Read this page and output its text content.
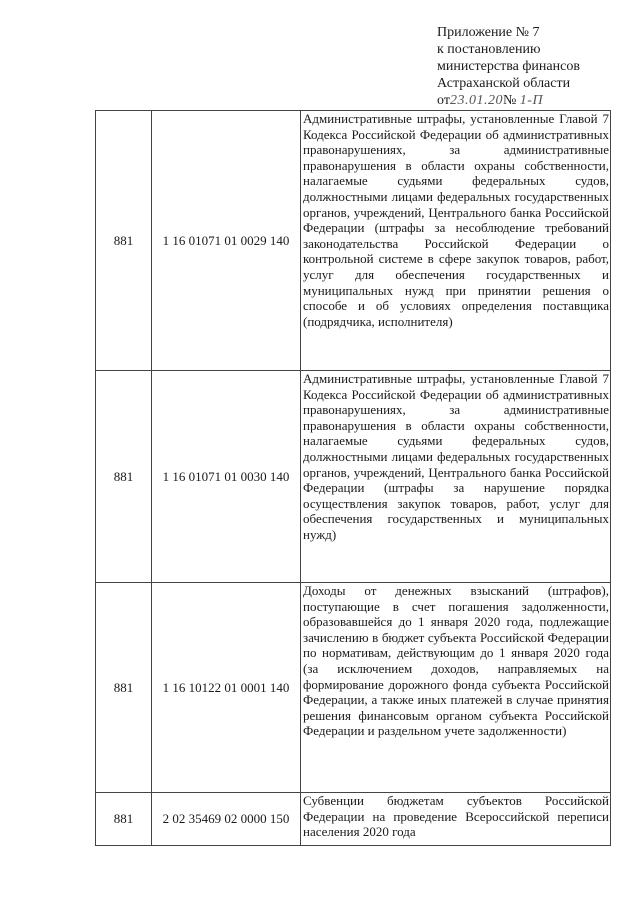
Приложение № 7
к постановлению
министерства финансов
Астраханской области
от23.01.20№ 1-П
881	1 16 01071 01 0029 140	Административные штрафы, установленные Главой 7 Кодекса Российской Федерации об административных правонарушениях, за административные правонарушения в области охраны собственности, налагаемые судьями федеральных судов, должностными лицами федеральных государственных органов, учреждений, Центрального банка Российской Федерации (штрафы за несоблюдение требований законодательства Российской Федерации о контрольной системе в сфере закупок товаров, работ, услуг для обеспечения государственных и муниципальных нужд при принятии решения о способе и об условиях определения поставщика (подрядчика, исполнителя)
881	1 16 01071 01 0030 140	Административные штрафы, установленные Главой 7 Кодекса Российской Федерации об административных правонарушениях, за административные правонарушения в области охраны собственности, налагаемые судьями федеральных судов, должностными лицами федеральных государственных органов, учреждений, Центрального банка Российской Федерации (штрафы за нарушение порядка осуществления закупок товаров, работ, услуг для обеспечения государственных и муниципальных нужд)
881	1 16 10122 01 0001 140	Доходы от денежных взысканий (штрафов), поступающие в счет погашения задолженности, образовавшейся до 1 января 2020 года, подлежащие зачислению в бюджет субъекта Российской Федерации по нормативам, действующим до 1 января 2020 года (за исключением доходов, направляемых на формирование дорожного фонда субъекта Российской Федерации, а также иных платежей в случае принятия решения финансовым органом субъекта Российской Федерации и раздельном учете задолженности)
881	2 02 35469 02 0000 150	Субвенции бюджетам субъектов Российской Федерации на проведение Всероссийской переписи населения 2020 года
